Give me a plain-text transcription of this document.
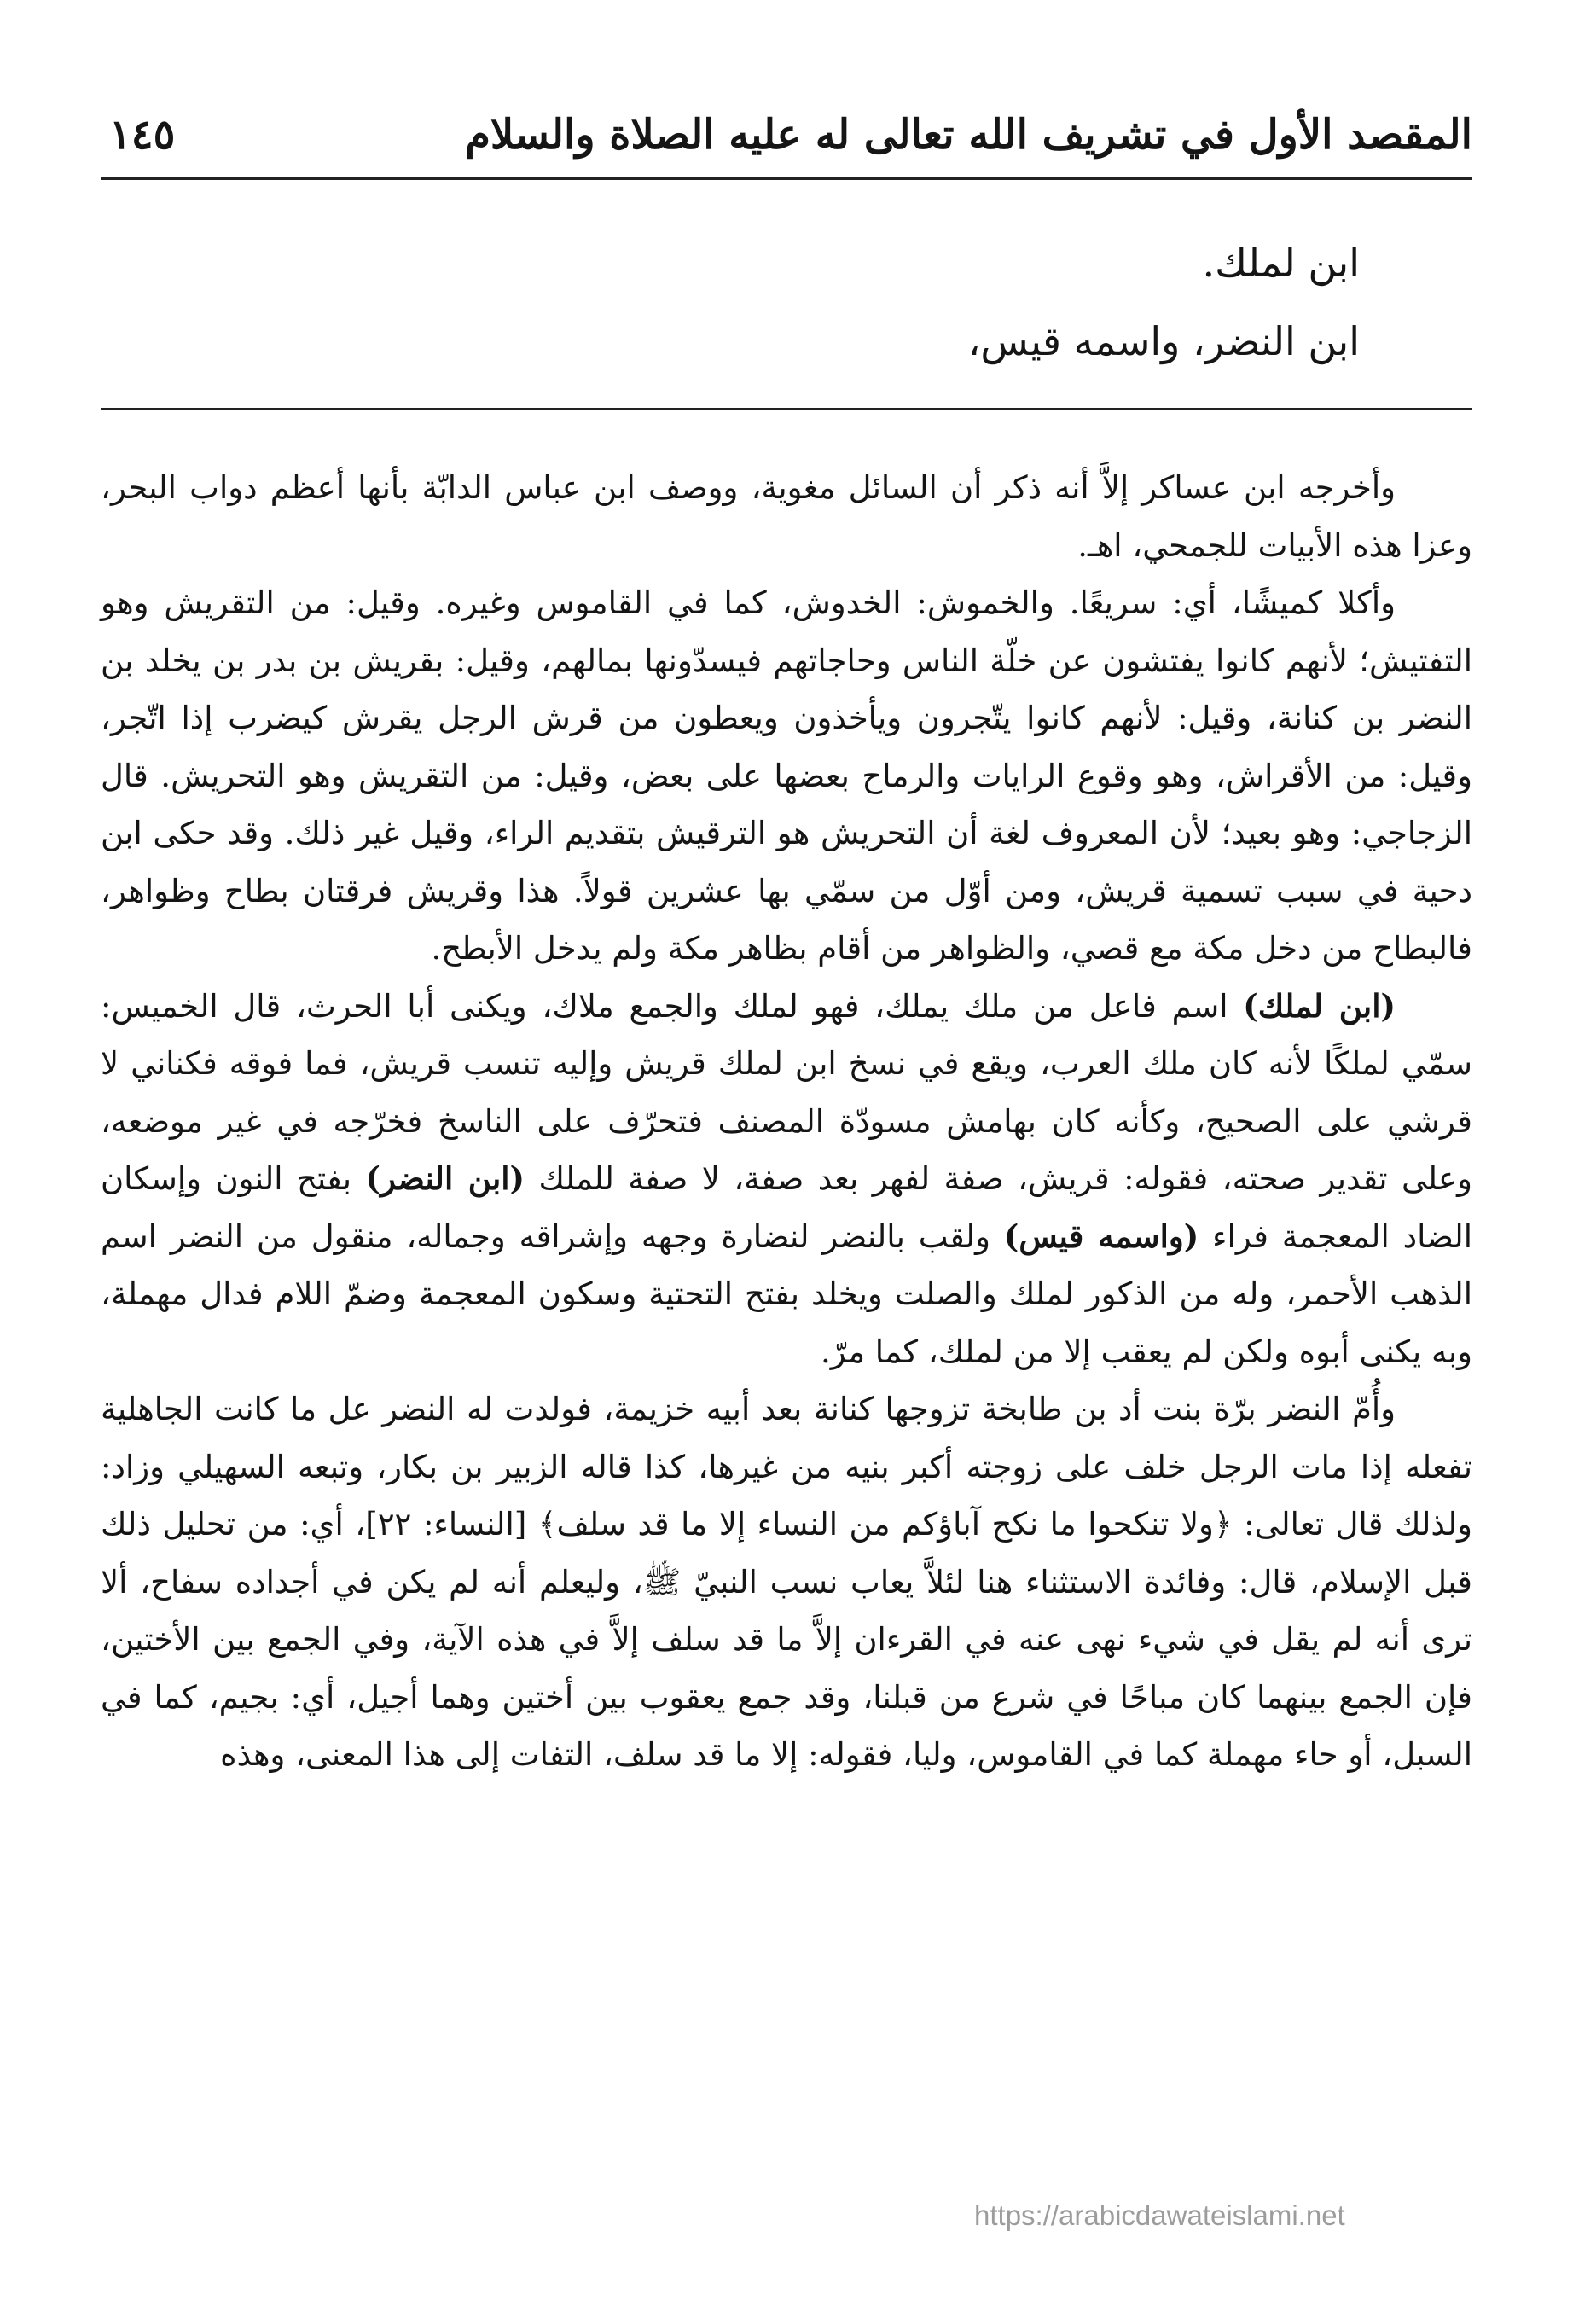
المقصد الأول في تشريف الله تعالى له عليه الصلاة والسلام
١٤٥

ابن لملك.

ابن النضر، واسمه قيس،

وأخرجه ابن عساكر إلاَّ أنه ذكر أن السائل مغوية، ووصف ابن عباس الدابّة بأنها أعظم دواب البحر، وعزا هذه الأبيات للجمحي، اهـ.

وأكلا كميشًا، أي: سريعًا. والخموش: الخدوش، كما في القاموس وغيره. وقيل: من التقريش وهو التفتيش؛ لأنهم كانوا يفتشون عن خلّة الناس وحاجاتهم فيسدّونها بمالهم، وقيل: بقريش بن بدر بن يخلد بن النضر بن كنانة، وقيل: لأنهم كانوا يتّجرون ويأخذون ويعطون من قرش الرجل يقرش كيضرب إذا اتّجر، وقيل: من الأقراش، وهو وقوع الرايات والرماح بعضها على بعض، وقيل: من التقريش وهو التحريش. قال الزجاجي: وهو بعيد؛ لأن المعروف لغة أن التحريش هو الترقيش بتقديم الراء، وقيل غير ذلك. وقد حكى ابن دحية في سبب تسمية قريش، ومن أوّل من سمّي بها عشرين قولاً. هذا وقريش فرقتان بطاح وظواهر، فالبطاح من دخل مكة مع قصي، والظواهر من أقام بظاهر مكة ولم يدخل الأبطح.

(ابن لملك) اسم فاعل من ملك يملك، فهو لملك والجمع ملاك، ويكنى أبا الحرث، قال الخميس: سمّي لملكًا لأنه كان ملك العرب، ويقع في نسخ ابن لملك قريش وإليه تنسب قريش، فما فوقه فكناني لا قرشي على الصحيح، وكأنه كان بهامش مسودّة المصنف فتحرّف على الناسخ فخرّجه في غير موضعه، وعلى تقدير صحته، فقوله: قريش، صفة لفهر بعد صفة، لا صفة للملك (ابن النضر) بفتح النون وإسكان الضاد المعجمة فراء (واسمه قيس) ولقب بالنضر لنضارة وجهه وإشراقه وجماله، منقول من النضر اسم الذهب الأحمر، وله من الذكور لملك والصلت ويخلد بفتح التحتية وسكون المعجمة وضمّ اللام فدال مهملة، وبه يكنى أبوه ولكن لم يعقب إلا من لملك، كما مرّ.

وأُمّ النضر برّة بنت أد بن طابخة تزوجها كنانة بعد أبيه خزيمة، فولدت له النضر عل ما كانت الجاهلية تفعله إذا مات الرجل خلف على زوجته أكبر بنيه من غيرها، كذا قاله الزبير بن بكار، وتبعه السهيلي وزاد: ولذلك قال تعالى: ﴿ولا تنكحوا ما نكح آباؤكم من النساء إلا ما قد سلف﴾ [النساء: ٢٢]، أي: من تحليل ذلك قبل الإسلام، قال: وفائدة الاستثناء هنا لئلاَّ يعاب نسب النبيّ ﷺ، وليعلم أنه لم يكن في أجداده سفاح، ألا ترى أنه لم يقل في شيء نهى عنه في القرءان إلاَّ ما قد سلف إلاَّ في هذه الآية، وفي الجمع بين الأختين، فإن الجمع بينهما كان مباحًا في شرع من قبلنا، وقد جمع يعقوب بين أختين وهما أجيل، أي: بجيم، كما في السبل، أو حاء مهملة كما في القاموس، وليا، فقوله: إلا ما قد سلف، التفات إلى هذا المعنى، وهذه

https://arabicdawateislami.net
